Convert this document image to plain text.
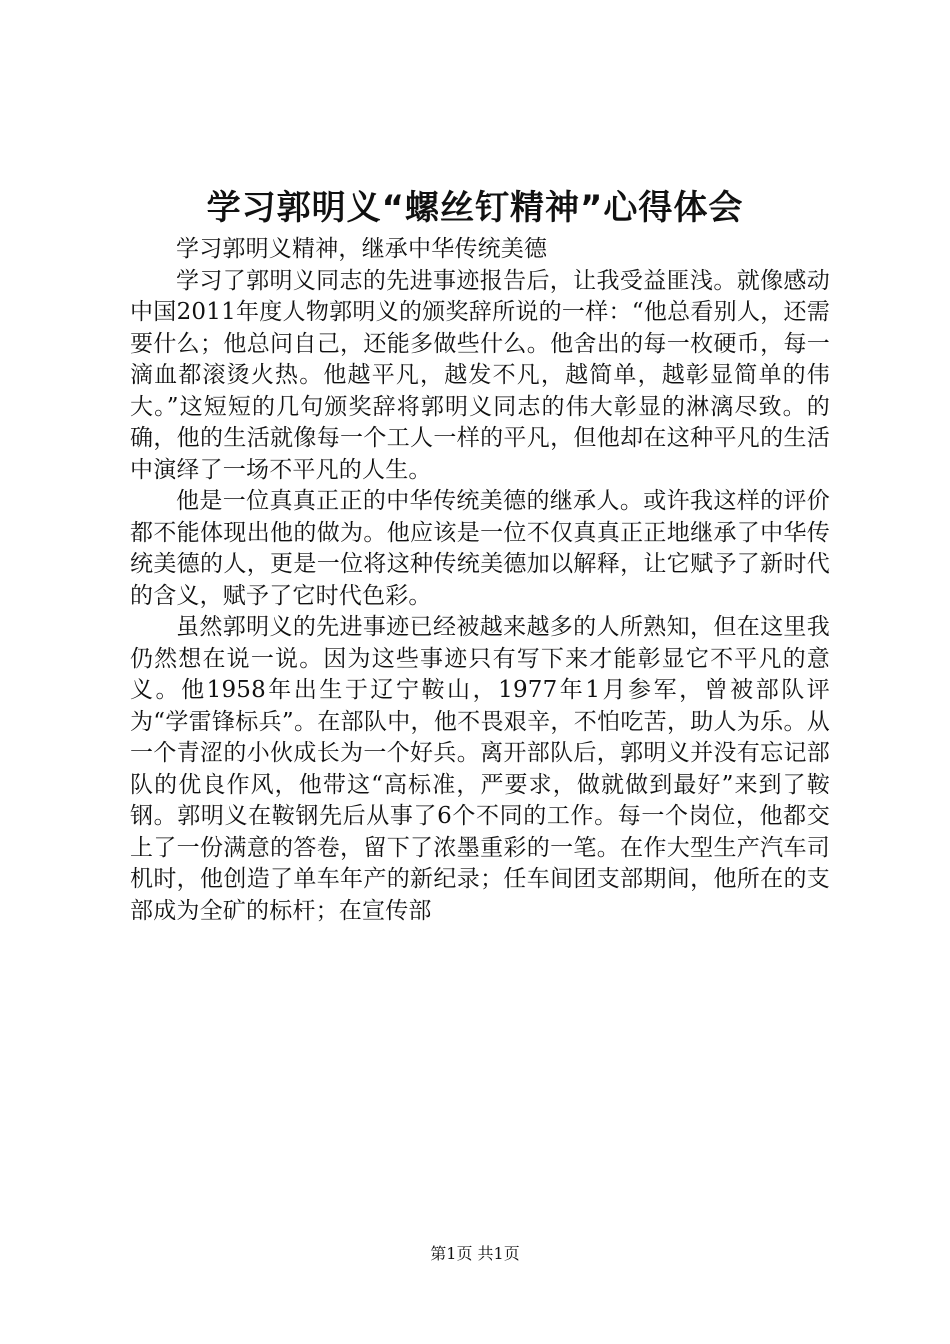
学习郭明义“螺丝钉精神”心得体会

学习郭明义精神，继承中华传统美德

学习了郭明义同志的先进事迹报告后，让我受益匪浅。就像感动中国2011年度人物郭明义的颁奖辞所说的一样：“他总看别人，还需要什么；他总问自己，还能多做些什么。他舍出的每一枚硬币，每一滴血都滚烫火热。他越平凡，越发不凡，越简单，越彰显简单的伟大。”这短短的几句颁奖辞将郭明义同志的伟大彰显的淋漓尽致。的确，他的生活就像每一个工人一样的平凡，但他却在这种平凡的生活中演绎了一场不平凡的人生。

他是一位真真正正的中华传统美德的继承人。或许我这样的评价都不能体现出他的做为。他应该是一位不仅真真正正地继承了中华传统美德的人，更是一位将这种传统美德加以解释，让它赋予了新时代的含义，赋予了它时代色彩。

虽然郭明义的先进事迹已经被越来越多的人所熟知，但在这里我仍然想在说一说。因为这些事迹只有写下来才能彰显它不平凡的意义。他1958年出生于辽宁鞍山，1977年1月参军，曾被部队评为“学雷锋标兵”。在部队中，他不畏艰辛，不怕吃苦，助人为乐。从一个青涩的小伙成长为一个好兵。离开部队后，郭明义并没有忘记部队的优良作风，他带这“高标准，严要求，做就做到最好”来到了鞍钢。郭明义在鞍钢先后从事了6个不同的工作。每一个岗位，他都交上了一份满意的答卷，留下了浓墨重彩的一笔。在作大型生产汽车司机时，他创造了单车年产的新纪录；任车间团支部期间，他所在的支部成为全矿的标杆；在宣传部

第1页 共1页
